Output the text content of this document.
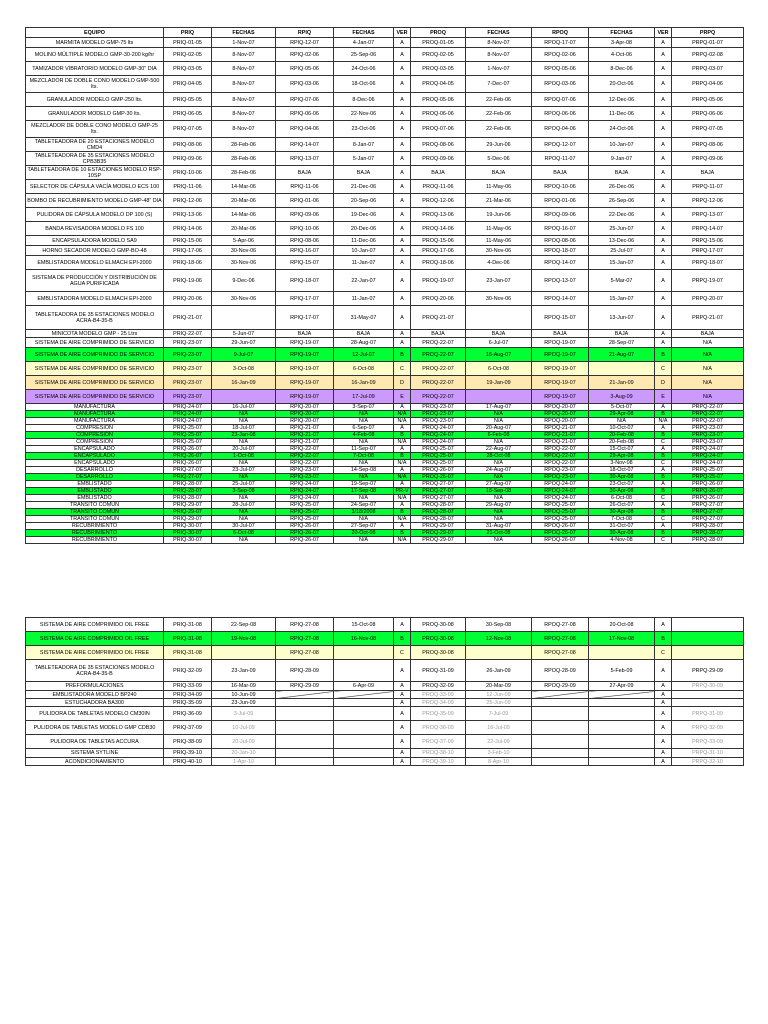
EQUIPO	PRIQ	FECHAS	RPIQ	FECHAS	VER	PROQ	FECHAS	RPOQ	FECHAS	VER	PRPQ
MARMITA MODELO GMP-75 lts	PRIQ-01-05	1-Nov-07	RPIQ-12-07	4-Jan-07	A	PROQ-01-05	8-Nov-07	RPOQ-17-07	3-Apr-08	A	PRPQ-01-07
MOLINO MÚLTIPLE MODELO GMP-30-200 kg/hr	PRIQ-02-05	8-Nov-07	RPIQ-02-06	25-Sep-06	A	PROQ-02-05	8-Nov-07	RPOQ-02-06	4-Oct-06	A	PRPQ-02-08
TAMIZADOR VIBRATORIO MODELO GMP-30" DIA	PRIQ-03-05	8-Nov-07	RPIQ-05-06	24-Oct-06	A	PROQ-03-05	1-Nov-07	RPOQ-05-06	8-Dec-06	A	PRPQ-03-07
MEZCLADOR DE DOBLE CONO MODELO GMP-500 lts.	PRIQ-04-05	8-Nov-07	RPIQ-03-06	18-Oct-06	A	PROQ-04-05	7-Dec-07	RPOQ-03-06	20-Oct-06	A	PRPQ-04-06
GRANULADOR MODELO GMP-250 lts.	PRIQ-05-05	8-Nov-07	RPIQ-07-06	8-Dec-06	A	PROQ-05-06	22-Feb-06	RPOQ-07-06	12-Dec-06	A	PRPQ-05-06
GRANULADOR MODELO GMP-30 lts.	PRIQ-06-05	8-Nov-07	RPIQ-06-06	22-Nov-06	A	PROQ-06-06	22-Feb-06	RPOQ-06-06	11-Dec-06	A	PRPQ-06-06
MEZCLADOR DE DOBLE CONO MODELO GMP-25 lts.	PRIQ-07-05	8-Nov-07	RPIQ-04-06	23-Oct-06	A	PROQ-07-06	22-Feb-06	RPOQ-04-06	24-Oct-06	A	PRPQ-07-05
TABLETEADORA DE 20 ESTACIONES MODELO CMD4	PRIQ-08-06	28-Feb-06	RPIQ-14-07	8-Jan-07	A	PROQ-08-06	29-Jun-06	RPOQ-12-07	10-Jan-07	A	PRPQ-08-06
TABLETEADORA DE 35 ESTACIONES MODELO CPB3B35	PRIQ-09-06	28-Feb-06	RPIQ-13-07	5-Jan-07	A	PROQ-09-06	5-Dec-06	RPOQ-11-07	9-Jan-07	A	PRPQ-09-06
TABLETEADORA DE 10 ESTACIONES MODELO RSP-10SP	PRIQ-10-06	28-Feb-06	BAJA	BAJA	A	BAJA	BAJA	BAJA	BAJA	A	BAJA
SELECTOR DE CÁPSULA VACÍA MODELO ECS 100	PRIQ-11-06	14-Mar-06	RPIQ-11-06	21-Dec-06	A	PROQ-11-06	11-May-06	RPOQ-10-06	26-Dec-06	A	PRPQ-11-07
BOMBO DE RECUBRIMIENTO MODELO GMP-48" DIA	PRIQ-12-06	20-Mar-06	RPIQ-01-06	20-Sep-06	A	PROQ-12-06	21-Mar-06	RPOQ-01-06	26-Sep-06	A	PRPQ-12-06
PULIDORA DE CÁPSULA MODELO DP 100 (S)	PRIQ-13-06	14-Mar-06	RPIQ-09-06	19-Dec-06	A	PROQ-13-06	19-Jun-06	RPOQ-09-06	22-Dec-06	A	PRPQ-13-07
BANDA REVISADORA MODELO FS 100	PRIQ-14-06	20-Mar-06	RPIQ-10-06	20-Dec-06	A	PROQ-14-06	11-May-06	RPOQ-16-07	25-Jun-07	A	PRPQ-14-07
ENCAPSULADORA MODELO SA9	PRIQ-15-06	5-Apr-06	RPIQ-08-06	11-Dec-06	A	PROQ-15-06	11-May-06	RPOQ-08-06	13-Dec-06	A	PRPQ-15-06
HORNO SECADOR MODELO GMP-BO-48	PRIQ-17-06	30-Nov-06	RPIQ-16-07	10-Jan-07	A	PROQ-17-06	30-Nov-06	RPOQ-18-07	25-Jul-07	A	PRPQ-17-07
EMBLISTADORA MODELO ELMACH EPI-2000	PRIQ-18-06	30-Nov-06	RPIQ-15-07	11-Jan-07	A	PROQ-18-06	4-Dec-06	RPOQ-14-07	15-Jan-07	A	PRPQ-18-07
SISTEMA DE PRODUCCIÓN Y DISTRIBUCIÓN DE AGUA PURIFICADA	PRIQ-19-06	9-Dec-06	RPIQ-18-07	22-Jan-07	A	PROQ-19-07	23-Jan-07	RPOQ-13-07	5-Mar-07	A	PRPQ-19-07
EMBLISTADORA MODELO ELMACH EPI-2000	PRIQ-20-06	30-Nov-06	RPIQ-17-07	11-Jan-07	A	PROQ-20-06	30-Nov-06	RPOQ-14-07	15-Jan-07	A	PRPQ-20-07
TABLETEADORA DE 35 ESTACIONES MODELO ACRA-B4-35-B	PRIQ-21-07		RPIQ-17-07	31-May-07	A	PROQ-21-07		RPOQ-15-07	13-Jun-07	A	PRPQ-21-07
MINICOTA MODELO GMP - 25 Ltrs	PRIQ-22-07	5-Jun-07	BAJA	BAJA	A	BAJA	BAJA	BAJA	BAJA	A	BAJA
SISTEMA DE AIRE COMPRIMIDO DE SERVICIO	PRIQ-23-07	29-Jun-07	RPIQ-19-07	28-Aug-07	A	PROQ-22-07	6-Jul-07	RPOQ-19-07	28-Sep-07	A	N/A
SISTEMA DE AIRE COMPRIMIDO DE SERVICIO	PRIQ-23-07	9-Jul-07	RPIQ-19-07	12-Jul-07	B	PROQ-22-07	16-Aug-07	RPOQ-19-07	21-Aug-07	B	N/A
SISTEMA DE AIRE COMPRIMIDO DE SERVICIO	PRIQ-23-07	3-Oct-08	RPIQ-19-07	6-Oct-08	C	PROQ-22-07	6-Oct-08	RPOQ-19-07		C	N/A
SISTEMA DE AIRE COMPRIMIDO DE SERVICIO	PRIQ-23-07	16-Jan-09	RPIQ-19-07	16-Jan-09	D	PROQ-22-07	19-Jan-09	RPOQ-19-07	21-Jan-09	D	N/A
SISTEMA DE AIRE COMPRIMIDO DE SERVICIO	PRIQ-23-07		RPIQ-19-07	17-Jul-09	E	PROQ-22-07		RPOQ-19-07	3-Aug-09	E	N/A
MANUFACTURA	PRIQ-24-07	16-Jul-07	RPIQ-20-07	3-Sep-07	A	PROQ-23-07	17-Aug-07	RPOQ-20-07	5-Oct-07	A	PRPQ-22-07
MANUFACTURA	PRIQ-24-07	N/A	RPIQ-20-07	N/A	N/A	PROQ-23-07	N/A	RPOQ-20-07	29-Apr-08	B	PRPQ-22-07
MANUFACTURA	PRIQ-24-07	N/A	RPIQ-20-07	N/A	N/A	PROQ-23-07	N/A	RPOQ-20-07	N/A	N/A	PRPQ-22-07
COMPRESIÓN	PRIQ-25-07	18-Jul-07	RPIQ-21-07	6-Sep-07	A	PROQ-24-07	20-Aug-07	RPOQ-21-07	10-Oct-07	A	PRPQ-23-07
COMPRESIÓN	PRIQ-25-07	23-Jan-08	RPIQ-21-07	4-Feb-08	B	PROQ-24-07	6-Feb-08	RPOQ-21-07	20-Feb-08	B	PRPQ-23-07
COMPRESIÓN	PRIQ-25-07	N/A	RPIQ-21-07	N/A	N/A	PROQ-24-07	N/A	RPOQ-21-07	20-Feb-08	C	PRPQ-23-07
ENCAPSULADO	PRIQ-26-07	20-Jul-07	RPIQ-22-07	11-Sep-07	A	PROQ-25-07	22-Aug-07	RPOQ-22-07	15-Oct-07	A	PRPQ-24-07
ENCAPSULADO	PRIQ-26-07	1-Oct-08	RPIQ-22-07	7-Oct-08	B	PROQ-25-07	28-Oct-08	RPOQ-22-07	29-Apr-08	B	PRPQ-24-07
ENCAPSULADO	PRIQ-26-07	N/A	RPIQ-22-07	N/A	N/A	PROQ-25-07	N/A	RPOQ-22-07	3-Nov-08	C	PRPQ-24-07
DESARROLLO	PRIQ-27-07	23-Jul-07	RPIQ-23-07	14-Sep-08	A	PROQ-26-07	24-Aug-07	RPOQ-23-07	18-Oct-07	A	PRPQ-25-07
DESARROLLO	PRIQ-27-07	N/A	RPIQ-23-07	N/A	N/A	PROQ-26-07	N/A	RPOQ-23-07	30-Apr-08	B	PRPQ-25-07
EMBLISTADO	PRIQ-28-07	25-Jul-07	RPIQ-24-07	19-Sep-07	A	PROQ-27-07	27-Aug-07	RPOQ-24-07	23-Oct-07	A	PRPQ-26-07
EMBLISTADO	PRIQ-28-07	3-Sep-08	RPIQ-24-07	17-Sep-08	PR-V	PROQ-27-07	18-Sep-08	RPOQ-24-07	30-Apr-08	B	PRPQ-26-07
EMBLISTADO	PRIQ-28-07	N/A	RPIQ-24-07	N/A	N/A	PROQ-27-07	N/A	RPOQ-24-07	6-Oct-08	C	PRPQ-26-07
TRANSITO COMÚN	PRIQ-29-07	28-Jul-07	RPIQ-25-07	24-Sep-07	A	PROQ-28-07	29-Aug-07	RPOQ-25-07	26-Oct-07	A	PRPQ-27-07
TRANSITO COMÚN	PRIQ-29-07	N/A	RPIQ-25-07	3/18/2008	B	PROQ-28-07	N/A	RPOQ-25-07	30-Apr-08	B	PRPQ-27-07
TRANSITO COMÚN	PRIQ-29-07	N/A	RPIQ-25-07	N/A	N/A	PROQ-28-07	N/A	RPOQ-25-07	7-Oct-08	C	PRPQ-27-07
RECUBRIMIENTO	PRIQ-30-07	30-Jul-07	RPIQ-26-07	27-Sep-07	A	PROQ-29-07	31-Aug-07	RPOQ-26-07	31-Oct-07	A	PRPQ-28-07
RECUBRIMIENTO	PRIQ-30-07	6-Oct-08	RPIQ-26-07	20-Oct-08	B	PROQ-29-07	21-Oct-08	RPOQ-26-07	30-Apr-08	B	PRPQ-28-07
RECUBRIMIENTO	PRIQ-30-07	N/A	RPIQ-26-07	N/A	N/A	PROQ-29-07	N/A	RPOQ-26-07	4-Nov-08	C	PRPQ-28-07
SISTEMA DE AIRE COMPRIMIDO OIL FREE	PRIQ-31-08	22-Sep-08	RPIQ-27-08	15-Oct-08	A	PROQ-30-08	30-Sep-08	RPOQ-27-08	20-Oct-08	A	
SISTEMA DE AIRE COMPRIMIDO OIL FREE	PRIQ-31-08	19-Nov-08	RPIQ-27-08	16-Nov-08	B	PROQ-30-08	12-Nov-08	RPOQ-27-08	17-Nov-08	B	
SISTEMA DE AIRE COMPRIMIDO OIL FREE	PRIQ-31-08		RPIQ-27-08		C	PROQ-30-08		RPOQ-27-08		C	
TABLETEADORA DE 35 ESTACIONES MODELO ACRA-B4-35-B	PRIQ-32-09	23-Jan-09	RPIQ-28-09		A	PROQ-31-09	26-Jan-09	RPOQ-28-09	5-Feb-09	A	PRPQ-29-09
PREFORMULACIONES	PRIQ-33-09	16-Mar-09	RPIQ-29-09	6-Apr-09	A	PROQ-32-09	20-Mar-09	RPOQ-29-09	27-Apr-09	A	PRPQ-30-09
EMBLISTADORA MODELO BP240	PRIQ-34-09	10-Jun-09			A	PROQ-33-09	12-Jun-09			A	
ESTUCHADORA BA300	PRIQ-35-09	23-Jun-09			A	PROQ-34-09	25-Jun-09			A	
PULIDORA DE TABLETAS MODELO CM30IN	PRIQ-36-09	3-Jul-09			A	PROQ-35-09	7-Jul-09			A	PRPQ-31-09
PULIDORA DE TABLETAS MODELO GMP CDB30	PRIQ-37-09	10-Jul-09			A	PROQ-36-09	16-Jul-09			A	PRPQ-32-09
PULIDORA DE TABLETAS ACCURA	PRIQ-38-09	20-Jul-09			A	PROQ-37-09	22-Jul-09			A	PRPQ-33-09
SISTEMA SYTLINE	PRIQ-39-10	20-Jan-10			A	PROQ-38-10	3-Feb-10			A	PRPQ-31-10
ACONDICIONAMIENTO	PRIQ-40-10	1-Apr-10			A	PROQ-39-10	8-Apr-10			A	PRPQ-32-10
